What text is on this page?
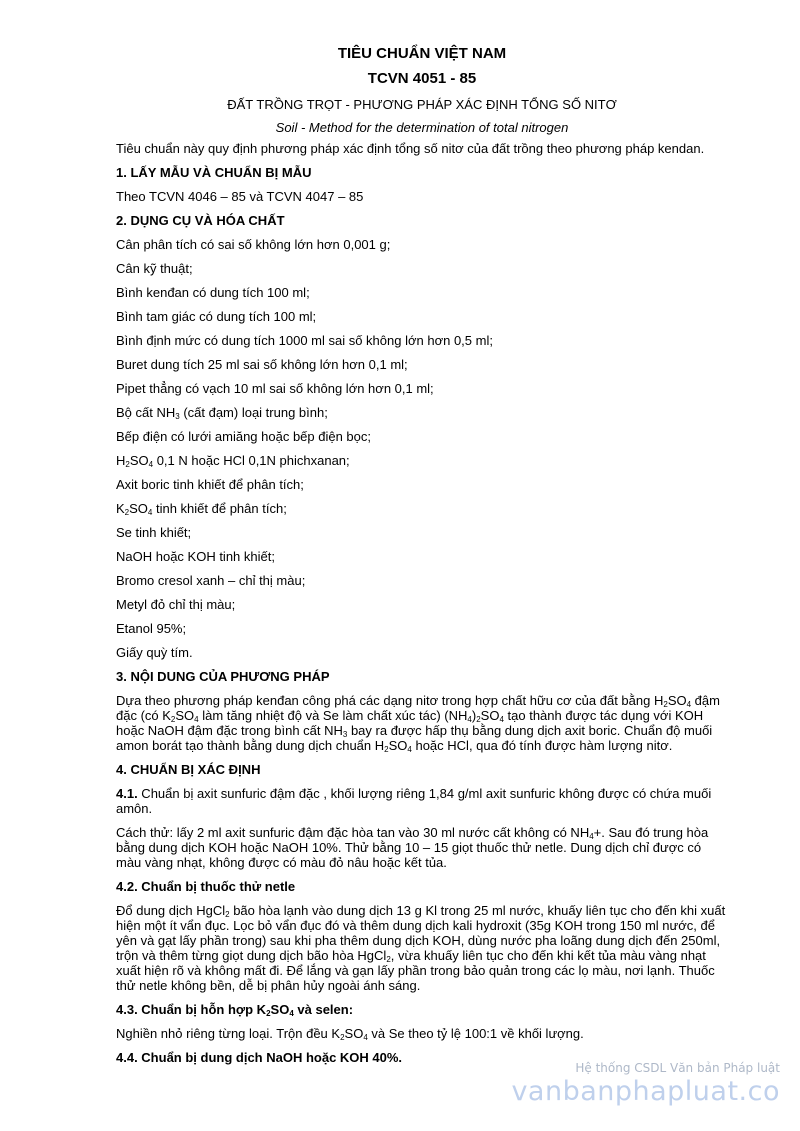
TIÊU CHUẨN VIỆT NAM
TCVN 4051 - 85
ĐẤT TRỒNG TRỌT - PHƯƠNG PHÁP XÁC ĐỊNH TỔNG SỐ NITƠ
Soil - Method for the determination of total nitrogen

Tiêu chuẩn này quy định phương pháp xác định tổng số nitơ của đất trồng theo phương pháp kendan.

1. LẤY MẪU VÀ CHUẨN BỊ MẪU

Theo TCVN 4046 – 85 và TCVN 4047 – 85

2. DỤNG CỤ VÀ HÓA CHẤT

Cân phân tích có sai số không lớn hơn 0,001 g;

Cân kỹ thuật;

Bình kenđan có dung tích 100 ml;

Bình tam giác có dung tích 100 ml;

Bình định mức có dung tích 1000 ml sai số không lớn hơn 0,5 ml;

Buret dung tích 25 ml sai số không lớn hơn 0,1 ml;

Pipet thẳng có vạch 10 ml sai số không lớn hơn 0,1 ml;

Bộ cất $NH_3$ (cất đạm) loại trung bình;

Bếp điện có lưới amiăng hoặc bếp điện bọc;

$H_2SO_4$ 0,1 N hoặc HCl 0,1N phichxanan;

Axit boric tinh khiết để phân tích;

$K_2SO_4$ tinh khiết để phân tích;

Se tinh khiết;

NaOH hoặc KOH tinh khiết;

Bromo cresol xanh – chỉ thị màu;

Metyl đỏ chỉ thị màu;

Etanol 95%;

Giấy quỳ tím.

3. NỘI DUNG CỦA PHƯƠNG PHÁP

Dựa theo phương pháp kenđan công phá các dạng nitơ trong hợp chất hữu cơ của đất bằng $H_2SO_4$ đậm đặc (có $K_2SO_4$ làm tăng nhiệt độ và Se làm chất xúc tác) $(NH_4)_2SO_4$ tạo thành được tác dụng với KOH hoặc NaOH đậm đặc trong bình cất $NH_3$ bay ra được hấp thụ bằng dung dịch axit boric. Chuẩn độ muối amon borát tạo thành bằng dung dịch chuẩn $H_2SO_4$ hoặc HCl, qua đó tính được hàm lượng nitơ.

4. CHUẨN BỊ XÁC ĐỊNH

4.1. Chuẩn bị axit sunfuric đậm đặc , khối lượng riêng 1,84 g/ml axit sunfuric không được có chứa muối amôn.

Cách thử: lấy 2 ml axit sunfuric đậm đặc hòa tan vào 30 ml nước cất không có $NH_4+$. Sau đó trung hòa bằng dung dịch KOH hoặc NaOH 10%. Thử bằng 10 – 15 giọt thuốc thử netle. Dung dịch chỉ được có màu vàng nhạt, không được có màu đỏ nâu hoặc kết tủa.

4.2. Chuẩn bị thuốc thử netle

Đổ dung dịch HgCl$_2$ bão hòa lạnh vào dung dịch 13 g Kl trong 25 ml nước, khuấy liên tục cho đến khi xuất hiện một ít vẩn đục. Lọc bỏ vẩn đục đó và thêm dung dịch kali hydroxit (35g KOH trong 150 ml nước, để yên và gạt lấy phần trong) sau khi pha thêm dung dịch KOH, dùng nước pha loãng dung dịch đến 250ml, trộn và thêm từng giọt dung dịch bão hòa HgCl$_2$, vừa khuấy liên tục cho đến khi kết tủa màu vàng nhạt xuất hiện rõ và không mất đi. Để lắng và gạn lấy phần trong bảo quản trong các lọ màu, nơi lạnh. Thuốc thử netle không bền, dễ bị phân hủy ngoài ánh sáng.

4.3. Chuẩn bị hỗn hợp $K_2SO_4$ và selen:

Nghiền nhỏ riêng từng loại. Trộn đều $K_2SO_4$ và Se theo tỷ lệ 100:1 về khối lượng.

4.4. Chuẩn bị dung dịch NaOH hoặc KOH 40%.

Hệ thống CSDL Văn bản Pháp luật
vanbanphapluat.co
